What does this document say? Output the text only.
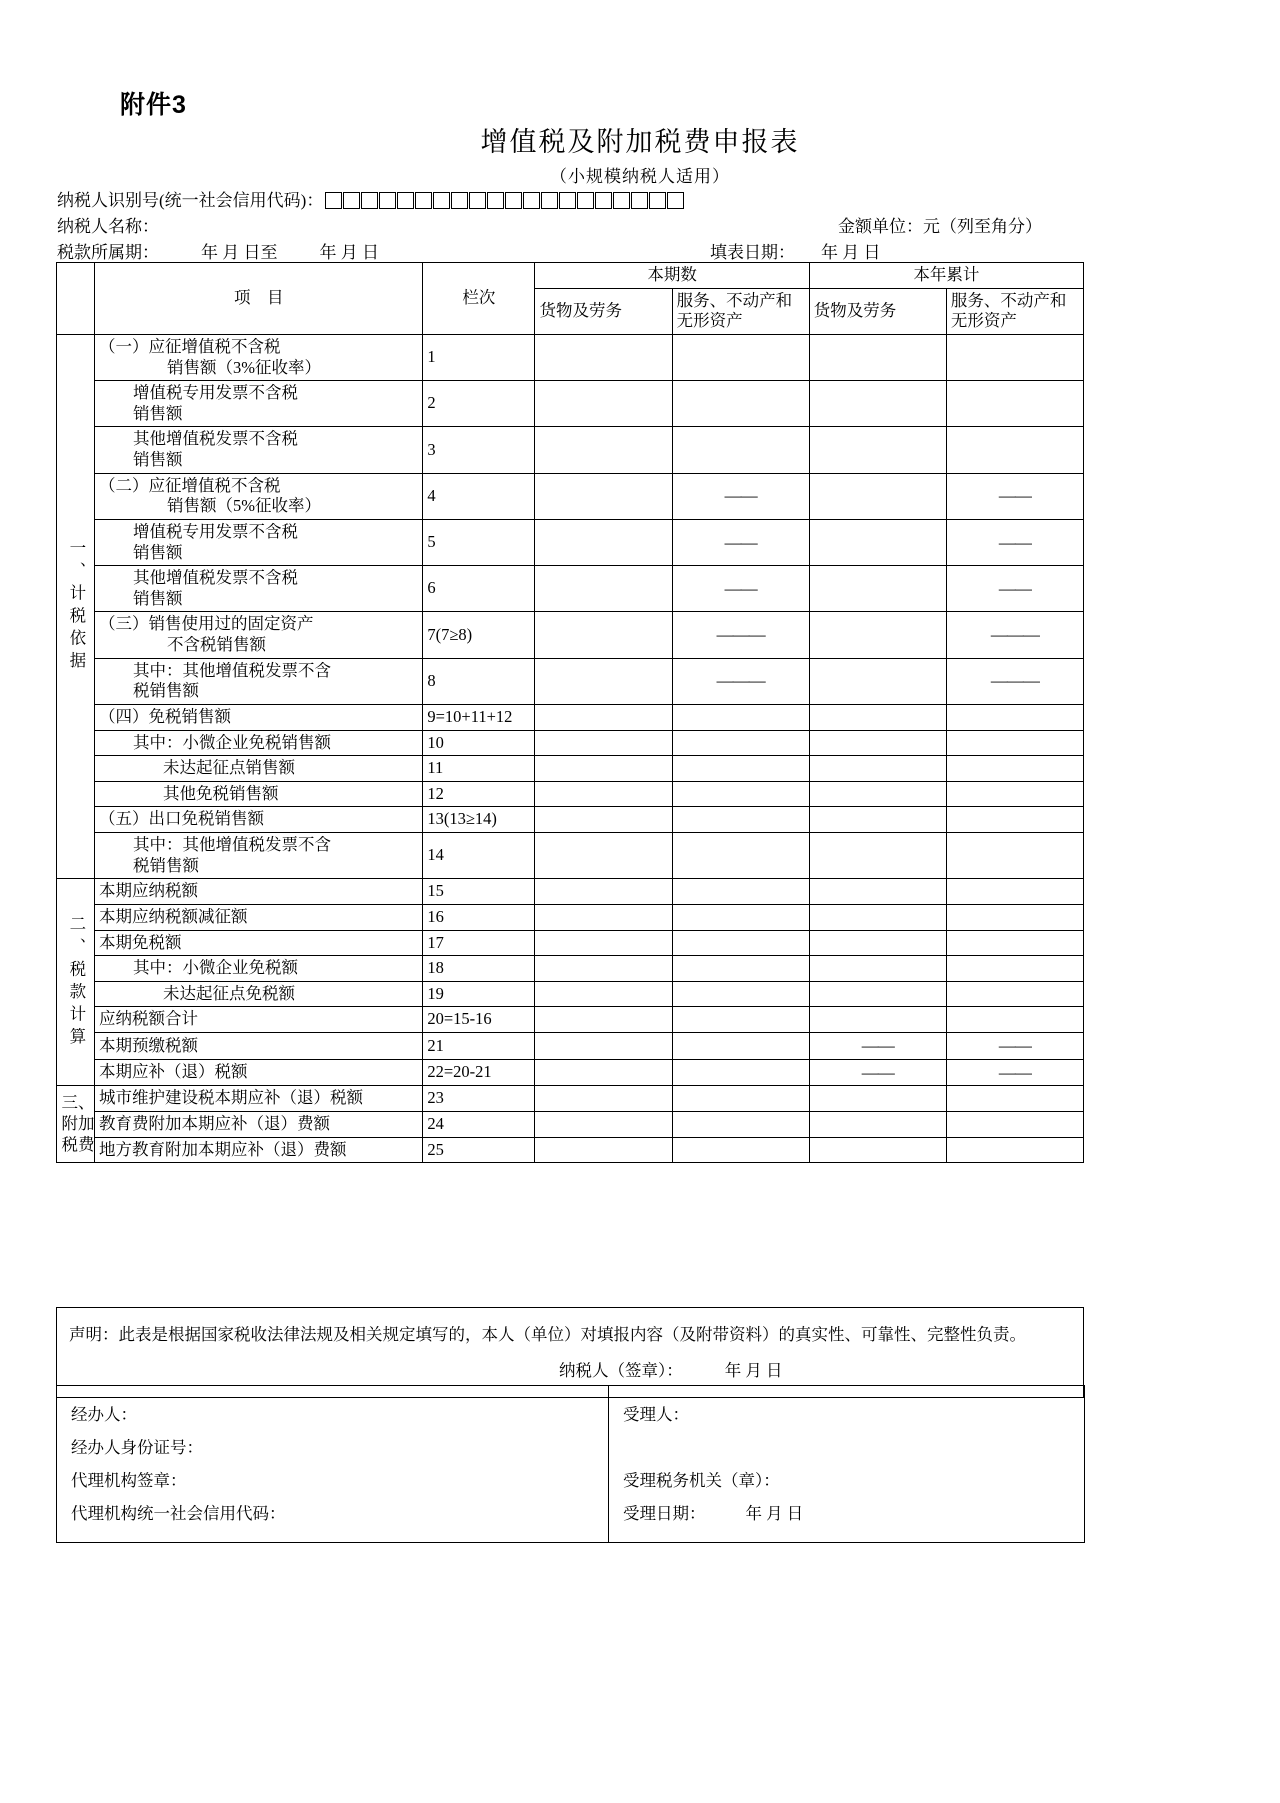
附件3
增值税及附加税费申报表
（小规模纳税人适用）
纳税人识别号(统一社会信用代码)：
纳税人名称：	金额单位：元（列至角分）
税款所属期： 年 月 日至 年 月 日	填表日期： 年 月 日
	项　目	栏次	本期数		本年累计	
			货物及劳务	服务、不动产和无形资产	货物及劳务	服务、不动产和无形资产

一、计税依据	（一）应征增值税不含税
销售额（3%征收率）	1				

	增值税专用发票不含税
销售额	2				

	其他增值税发票不含税
销售额	3				

	（二）应征增值税不含税
销售额（5%征收率）	4		——		——

	增值税专用发票不含税
销售额	5		——		——

	其他增值税发票不含税
销售额	6		——		——

	（三）销售使用过的固定资产
不含税销售额	7(7≥8)		———		———

	其中：其他增值税发票不含
税销售额	8		———		———

	（四）免税销售额	9=10+11+12				

	其中：小微企业免税销售额	10				

	未达起征点销售额	11				

	其他免税销售额	12				

	（五）出口免税销售额	13(13≥14)				

	其中：其他增值税发票不含
税销售额	14				

二、税款计算	本期应纳税额	15				

	本期应纳税额减征额	16				

	本期免税额	17				

	其中：小微企业免税额	18				

	未达起征点免税额	19				

	应纳税额合计	20=15-16				

	本期预缴税额	21			——	——

	本期应补（退）税额	22=20-21			——	——

三、附加税费	城市维护建设税本期应补（退）税额	23				

	教育费附加本期应补（退）费额	24				

	地方教育附加本期应补（退）费额	25				
声明：此表是根据国家税收法律法规及相关规定填写的，本人（单位）对填报内容（及附带资料）的真实性、可靠性、完整性负责。
纳税人（签章）：	年 月 日
经办人：
经办人身份证号：
代理机构签章：
代理机构统一社会信用代码：

受理人：
受理税务机关（章）：
受理日期： 年 月 日
